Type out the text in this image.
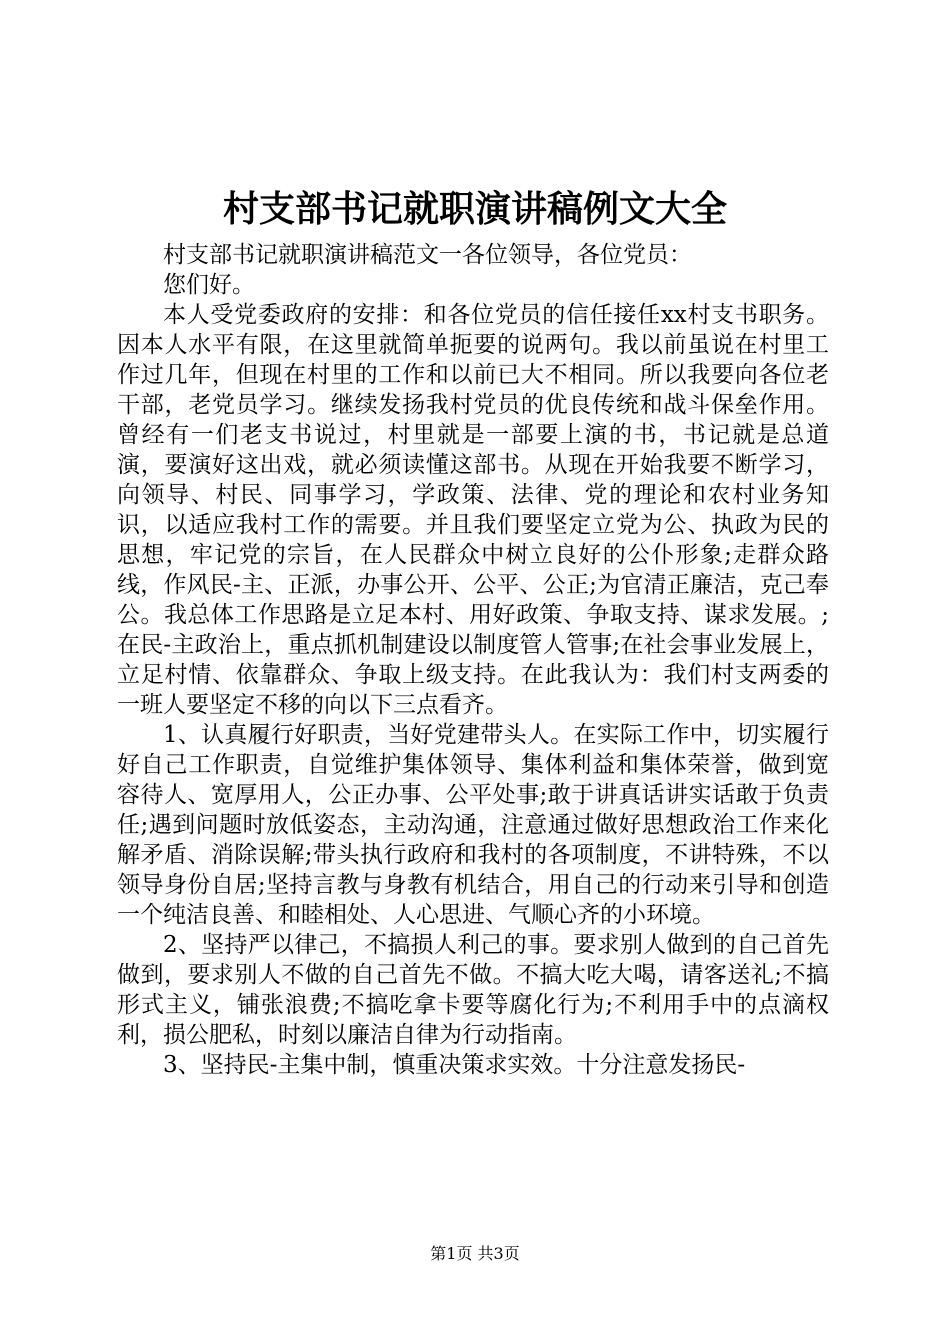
村支部书记就职演讲稿例文大全

村支部书记就职演讲稿范文一各位领导，各位党员：

您们好。

本人受党委政府的安排：和各位党员的信任接任xx村支书职务。因本人水平有限，在这里就简单扼要的说两句。我以前虽说在村里工作过几年，但现在村里的工作和以前已大不相同。所以我要向各位老干部，老党员学习。继续发扬我村党员的优良传统和战斗保垒作用。曾经有一们老支书说过，村里就是一部要上演的书，书记就是总道演，要演好这出戏，就必须读懂这部书。从现在开始我要不断学习，向领导、村民、同事学习，学政策、法律、党的理论和农村业务知识，以适应我村工作的需要。并且我们要坚定立党为公、执政为民的思想，牢记党的宗旨，在人民群众中树立良好的公仆形象;走群众路线，作风民-主、正派，办事公开、公平、公正;为官清正廉洁，克己奉公。我总体工作思路是立足本村、用好政策、争取支持、谋求发展。;在民-主政治上，重点抓机制建设以制度管人管事;在社会事业发展上，立足村情、依靠群众、争取上级支持。在此我认为：我们村支两委的一班人要坚定不移的向以下三点看齐。

1、认真履行好职责，当好党建带头人。在实际工作中，切实履行好自己工作职责，自觉维护集体领导、集体利益和集体荣誉，做到宽容待人、宽厚用人，公正办事、公平处事;敢于讲真话讲实话敢于负责任;遇到问题时放低姿态，主动沟通，注意通过做好思想政治工作来化解矛盾、消除误解;带头执行政府和我村的各项制度，不讲特殊，不以领导身份自居;坚持言教与身教有机结合，用自己的行动来引导和创造一个纯洁良善、和睦相处、人心思进、气顺心齐的小环境。

2、坚持严以律己，不搞损人利己的事。要求别人做到的自己首先做到，要求别人不做的自己首先不做。不搞大吃大喝，请客送礼;不搞形式主义，铺张浪费;不搞吃拿卡要等腐化行为;不利用手中的点滴权利，损公肥私，时刻以廉洁自律为行动指南。

3、坚持民-主集中制，慎重决策求实效。十分注意发扬民-

第1页 共3页
